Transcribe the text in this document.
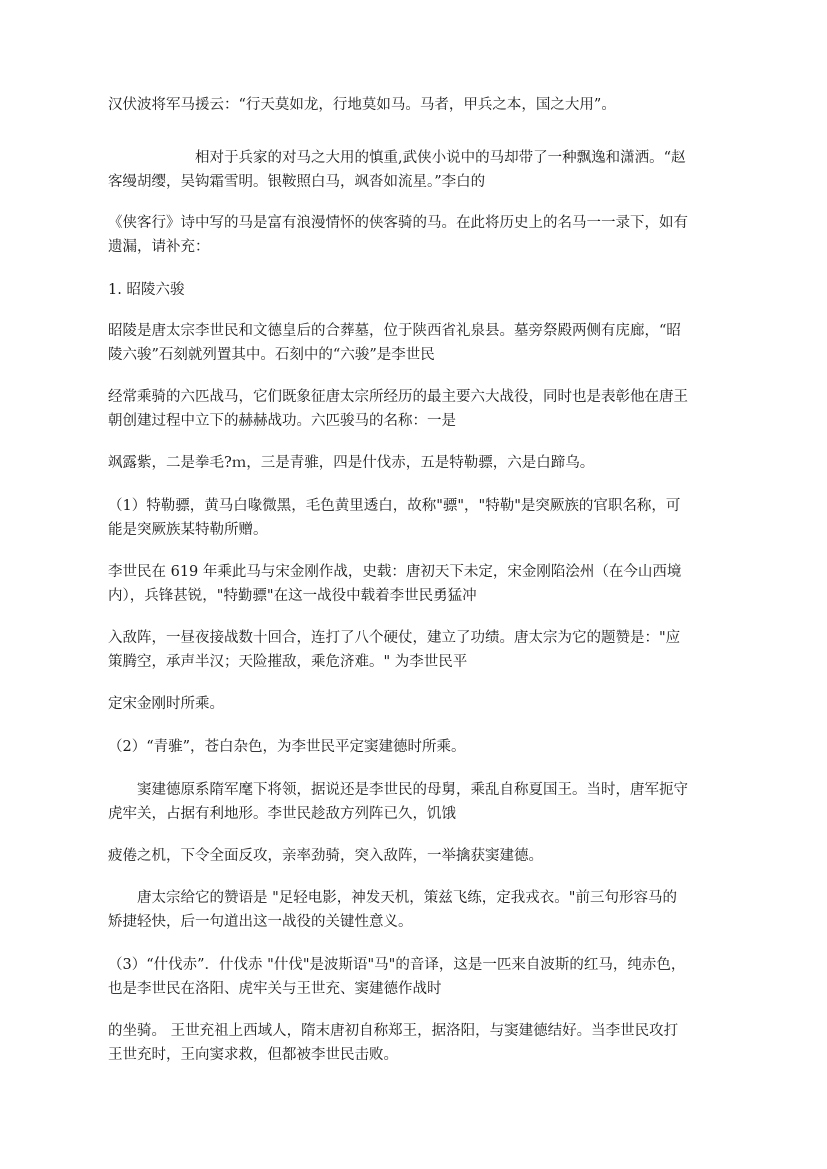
汉伏波将军马援云：“行天莫如龙，行地莫如马。马者，甲兵之本，国之大用”。
　　　　　　相对于兵家的对马之大用的慎重,武侠小说中的马却带了一种飘逸和潇洒。“赵
客缦胡缨，吴钩霜雪明。银鞍照白马，飒沓如流星。”李白的
《侠客行》诗中写的马是富有浪漫情怀的侠客骑的马。在此将历史上的名马一一录下，如有
遗漏，请补充：
1. 昭陵六骏
昭陵是唐太宗李世民和文德皇后的合葬墓，位于陕西省礼泉县。墓旁祭殿两侧有庑廊，“昭
陵六骏”石刻就列置其中。石刻中的“六骏”是李世民
经常乘骑的六匹战马，它们既象征唐太宗所经历的最主要六大战役，同时也是表彰他在唐王
朝创建过程中立下的赫赫战功。六匹骏马的名称：一是
飒露紫，二是拳毛?ｍ，三是青骓，四是什伐赤，五是特勒骠，六是白蹄乌。
（1）特勒骠，黄马白喙微黑，毛色黄里透白，故称"骠"，"特勒"是突厥族的官职名称，可
能是突厥族某特勒所赠。
李世民在 619 年乘此马与宋金刚作战，史载：唐初天下未定，宋金刚陷浍州（在今山西境
内），兵锋甚锐，"特勤骠"在这一战役中载着李世民勇猛冲
入敌阵，一昼夜接战数十回合，连打了八个硬仗，建立了功绩。唐太宗为它的题赞是："应
策腾空，承声半汉；天险摧敌，乘危济难。" 为李世民平
定宋金刚时所乘。
（2）“青骓”，苍白杂色，为李世民平定窦建德时所乘。
　　窦建德原系隋军麾下将领，据说还是李世民的母舅，乘乱自称夏国王。当时，唐军扼守
虎牢关，占据有利地形。李世民趁敌方列阵已久，饥饿
疲倦之机，下令全面反攻，亲率劲骑，突入敌阵，一举擒获窦建德。
　　唐太宗给它的赞语是 "足轻电影，神发天机，策兹飞练，定我戎衣。"前三句形容马的
矫捷轻快，后一句道出这一战役的关键性意义。
（3）“什伐赤”．什伐赤 "什伐"是波斯语"马"的音译，这是一匹来自波斯的红马，纯赤色，
也是李世民在洛阳、虎牢关与王世充、窦建德作战时
的坐骑。 王世充祖上西域人，隋末唐初自称郑王，据洛阳，与窦建德结好。当李世民攻打
王世充时，王向窦求救，但都被李世民击败。
